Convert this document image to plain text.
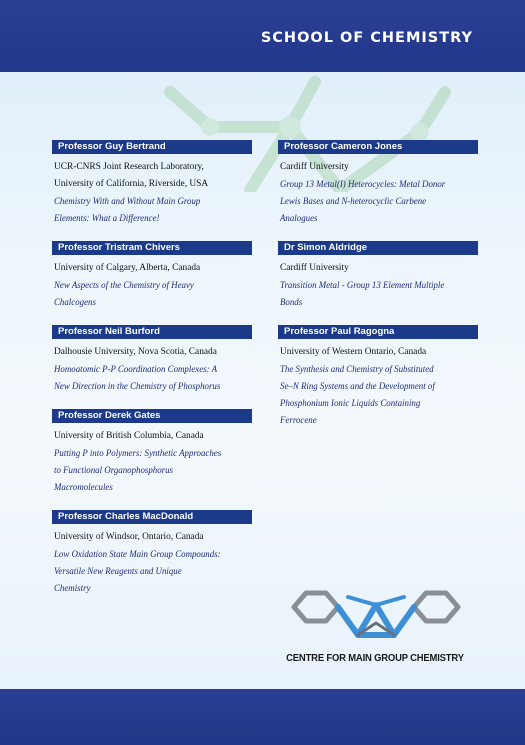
SCHOOL OF CHEMISTRY
Professor Guy Bertrand
UCR-CNRS Joint Research Laboratory,
University of California, Riverside, USA
Chemistry With and Without Main Group
Elements: What a Difference!
Professor Tristram Chivers
University of Calgary, Alberta, Canada
New Aspects of the Chemistry of Heavy
Chalcogens
Professor Neil Burford
Dalhousie University, Nova Scotia, Canada
Homoatomic P-P Coordination Complexes: A
New Direction in the Chemistry of Phosphorus
Professor Derek Gates
University of British Columbia, Canada
Putting P into Polymers: Synthetic Approaches
to Functional Organophosphorus
Macromolecules
Professor Charles MacDonald
University of Windsor, Ontario, Canada
Low Oxidation State Main Group Compounds:
Versatile New Reagents and Unique
Chemistry
Professor Cameron Jones
Cardiff University
Group 13 Metal(I) Heterocycles: Metal Donor
Lewis Bases and N-heterocyclic Carbene
Analogues
Dr Simon Aldridge
Cardiff University
Transition Metal - Group 13 Element Multiple
Bonds
Professor Paul Ragogna
University of Western Ontario, Canada
The Synthesis and Chemistry of Substituted
Se–N Ring Systems and the Development of
Phosphonium Ionic Liquids Containing
Ferrocene
CENTRE FOR MAIN GROUP CHEMISTRY
